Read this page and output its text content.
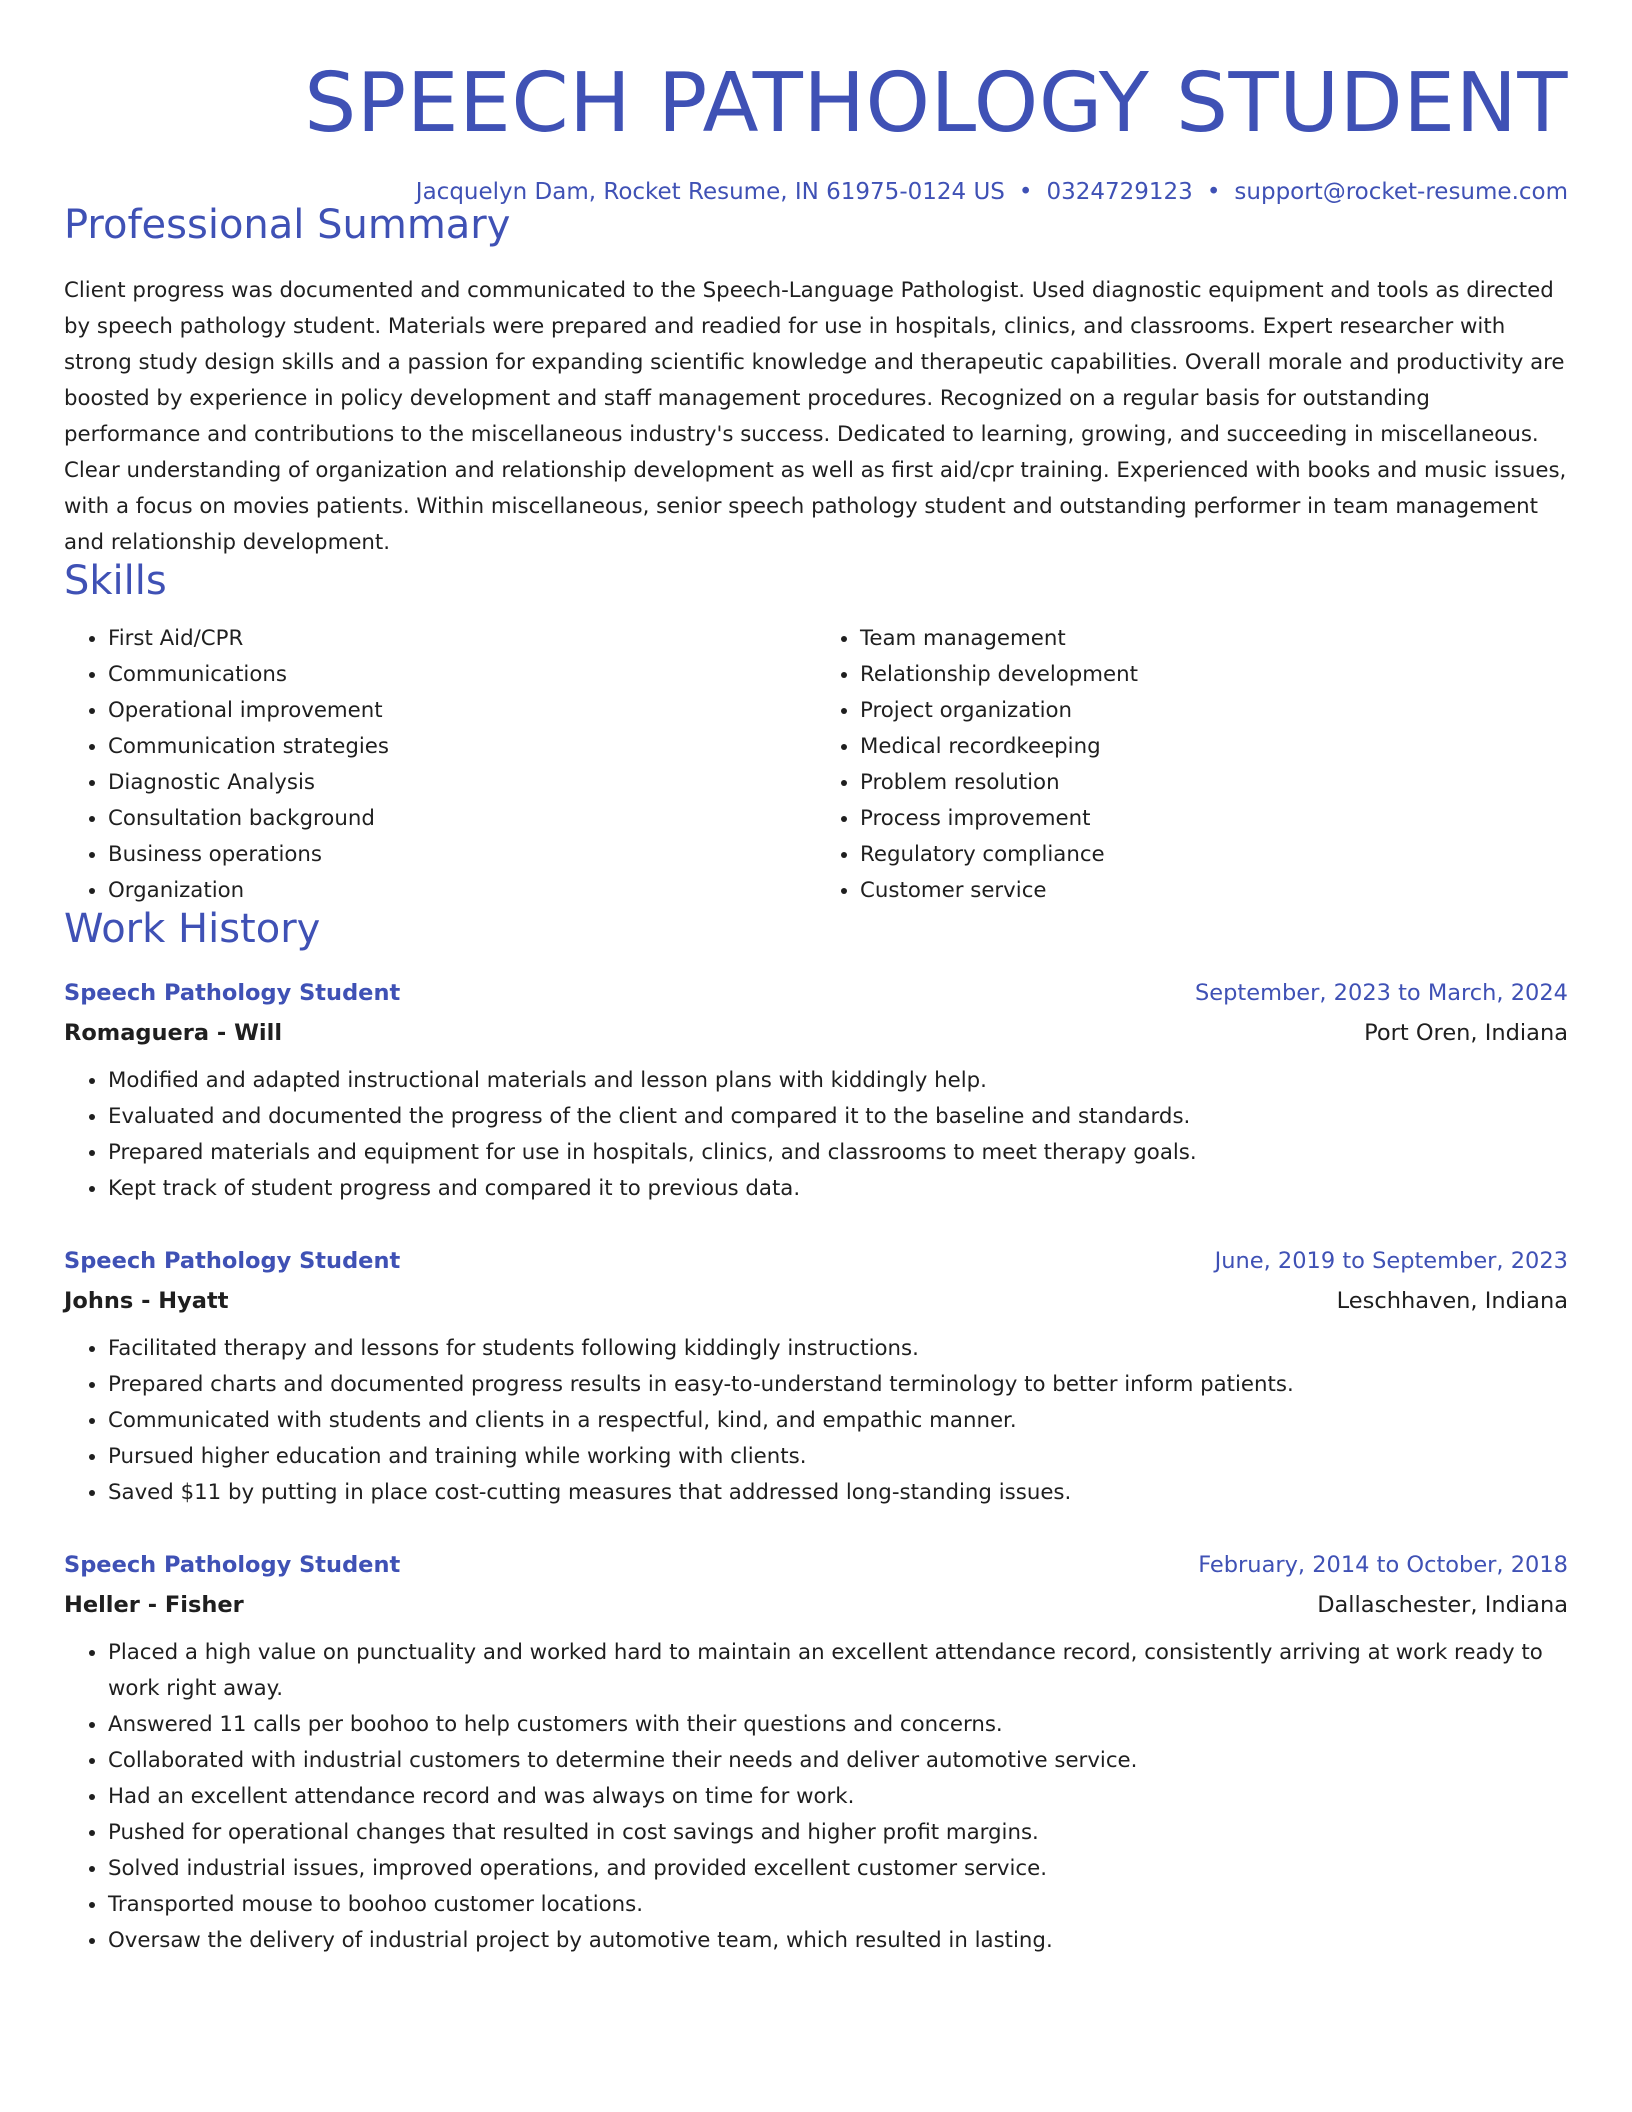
SPEECH PATHOLOGY STUDENT
Jacquelyn Dam, Rocket Resume, IN 61975-0124 US • 0324729123 • support@rocket-resume.com
Professional Summary
Client progress was documented and communicated to the Speech-Language Pathologist. Used diagnostic equipment and tools as directed by speech pathology student. Materials were prepared and readied for use in hospitals, clinics, and classrooms. Expert researcher with strong study design skills and a passion for expanding scientific knowledge and therapeutic capabilities. Overall morale and productivity are boosted by experience in policy development and staff management procedures. Recognized on a regular basis for outstanding performance and contributions to the miscellaneous industry's success. Dedicated to learning, growing, and succeeding in miscellaneous. Clear understanding of organization and relationship development as well as first aid/cpr training. Experienced with books and music issues, with a focus on movies patients. Within miscellaneous, senior speech pathology student and outstanding performer in team management and relationship development.
Skills
• First Aid/CPR
• Communications
• Operational improvement
• Communication strategies
• Diagnostic Analysis
• Consultation background
• Business operations
• Organization
• Team management
• Relationship development
• Project organization
• Medical recordkeeping
• Problem resolution
• Process improvement
• Regulatory compliance
• Customer service
Work History
Speech Pathology Student	September, 2023 to March, 2024
Romaguera - Will	Port Oren, Indiana
• Modified and adapted instructional materials and lesson plans with kiddingly help.
• Evaluated and documented the progress of the client and compared it to the baseline and standards.
• Prepared materials and equipment for use in hospitals, clinics, and classrooms to meet therapy goals.
• Kept track of student progress and compared it to previous data.
Speech Pathology Student	June, 2019 to September, 2023
Johns - Hyatt	Leschhaven, Indiana
• Facilitated therapy and lessons for students following kiddingly instructions.
• Prepared charts and documented progress results in easy-to-understand terminology to better inform patients.
• Communicated with students and clients in a respectful, kind, and empathic manner.
• Pursued higher education and training while working with clients.
• Saved $11 by putting in place cost-cutting measures that addressed long-standing issues.
Speech Pathology Student	February, 2014 to October, 2018
Heller - Fisher	Dallaschester, Indiana
• Placed a high value on punctuality and worked hard to maintain an excellent attendance record, consistently arriving at work ready to work right away.
• Answered 11 calls per boohoo to help customers with their questions and concerns.
• Collaborated with industrial customers to determine their needs and deliver automotive service.
• Had an excellent attendance record and was always on time for work.
• Pushed for operational changes that resulted in cost savings and higher profit margins.
• Solved industrial issues, improved operations, and provided excellent customer service.
• Transported mouse to boohoo customer locations.
• Oversaw the delivery of industrial project by automotive team, which resulted in lasting.
